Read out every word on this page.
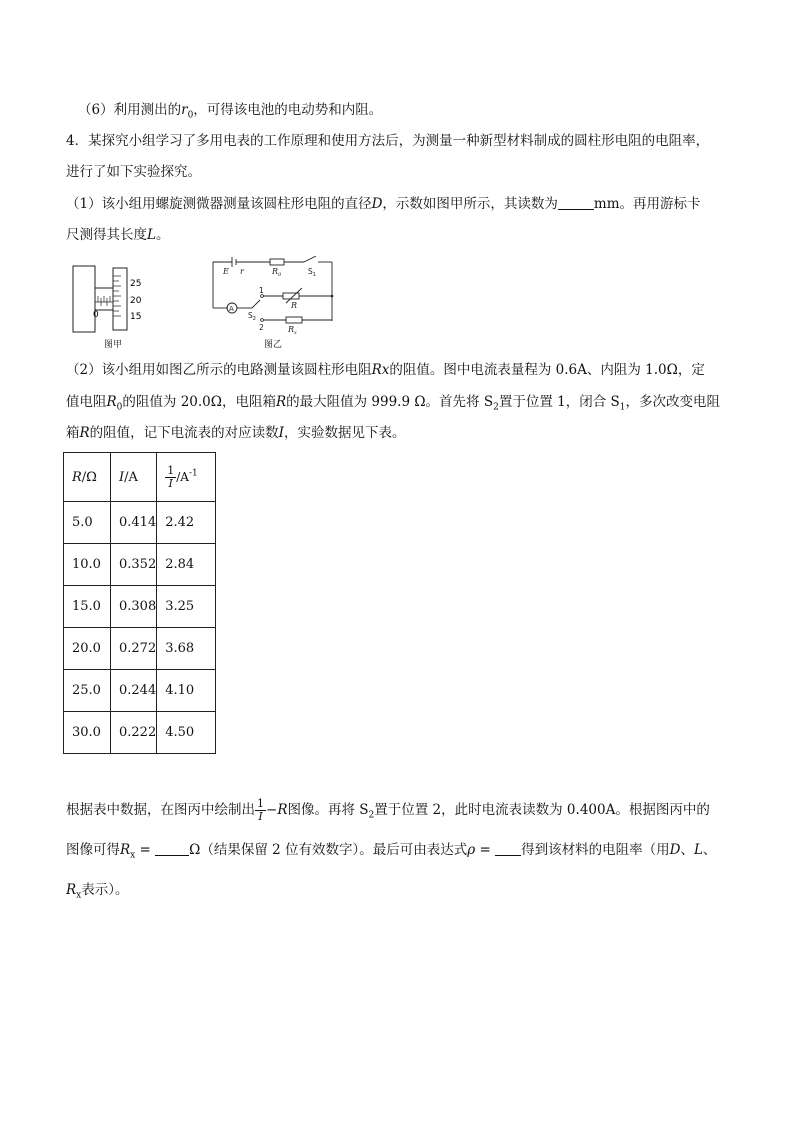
（6）利用测出的$r_0$，可得该电池的电动势和内阻。
4．某探究小组学习了多用电表的工作原理和使用方法后，为测量一种新型材料制成的圆柱形电阻的电阻率，
进行了如下实验探究。
（1）该小组用螺旋测微器测量该圆柱形电阻的直径D，示数如图甲所示，其读数为	mm。再用游标卡
尺测得其长度L。
25
20
15
0
图甲
E r	$R_0$
R
$R_x$
$S_1$
1
$S_2$
2
A
图乙
（2）该小组用如图乙所示的电路测量该圆柱形电阻Rx的阻值。图中电流表量程为 0.6A、内阻为 1.0Ω，定
值电阻$R_0$的阻值为 20.0Ω，电阻箱R的最大阻值为 999.9 Ω。首先将 $S_2$置于位置 1，闭合 $S_1$，多次改变电阻
箱R的阻值，记下电流表的对应读数I，实验数据见下表。
R/Ω	I/A	$\frac{1}{I} /A^{-1}$
5.0	0.414	2.42
10.0	0.352	2.84
15.0	0.308	3.25
20.0	0.272	3.68
25.0	0.244	4.10
30.0	0.222	4.50
根据表中数据，在图丙中绘制出 $\frac{1}{I} -R$图像。再将 $S_2$置于位置 2，此时电流表读数为 0.400A。根据图丙中的
图像可得$R_x$ =	Ω（结果保留 2 位有效数字）。最后可由表达式ρ = 得到该材料的电阻率（用D、L、
$R_x$表示）。
